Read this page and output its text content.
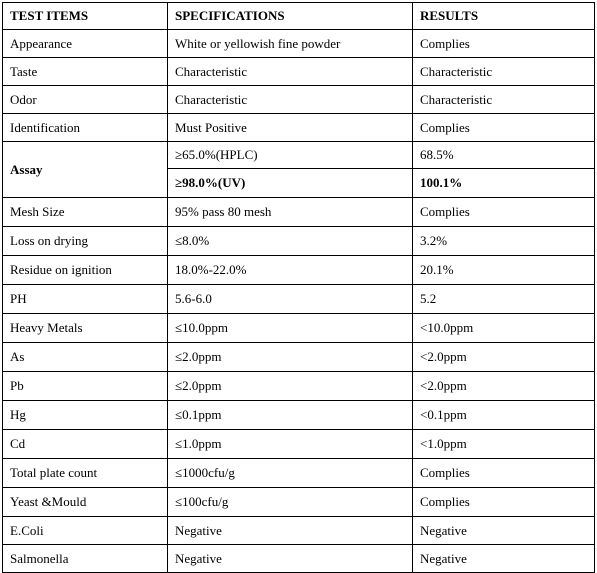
TEST ITEMS	SPECIFICATIONS	RESULTS
Appearance	White or yellowish fine powder	Complies
Taste	Characteristic	Characteristic
Odor	Characteristic	Characteristic
Identification	Must Positive	Complies
Assay	≥65.0%(HPLC)	68.5%
	≥98.0%(UV)	100.1%
Mesh Size	95% pass 80 mesh	Complies
Loss on drying	≤8.0%	3.2%
Residue on ignition	18.0%-22.0%	20.1%
PH	5.6-6.0	5.2
Heavy Metals	≤10.0ppm	<10.0ppm
As	≤2.0ppm	<2.0ppm
Pb	≤2.0ppm	<2.0ppm
Hg	≤0.1ppm	<0.1ppm
Cd	≤1.0ppm	<1.0ppm
Total plate count	≤1000cfu/g	Complies
Yeast &Mould	≤100cfu/g	Complies
E.Coli	Negative	Negative
Salmonella	Negative	Negative
